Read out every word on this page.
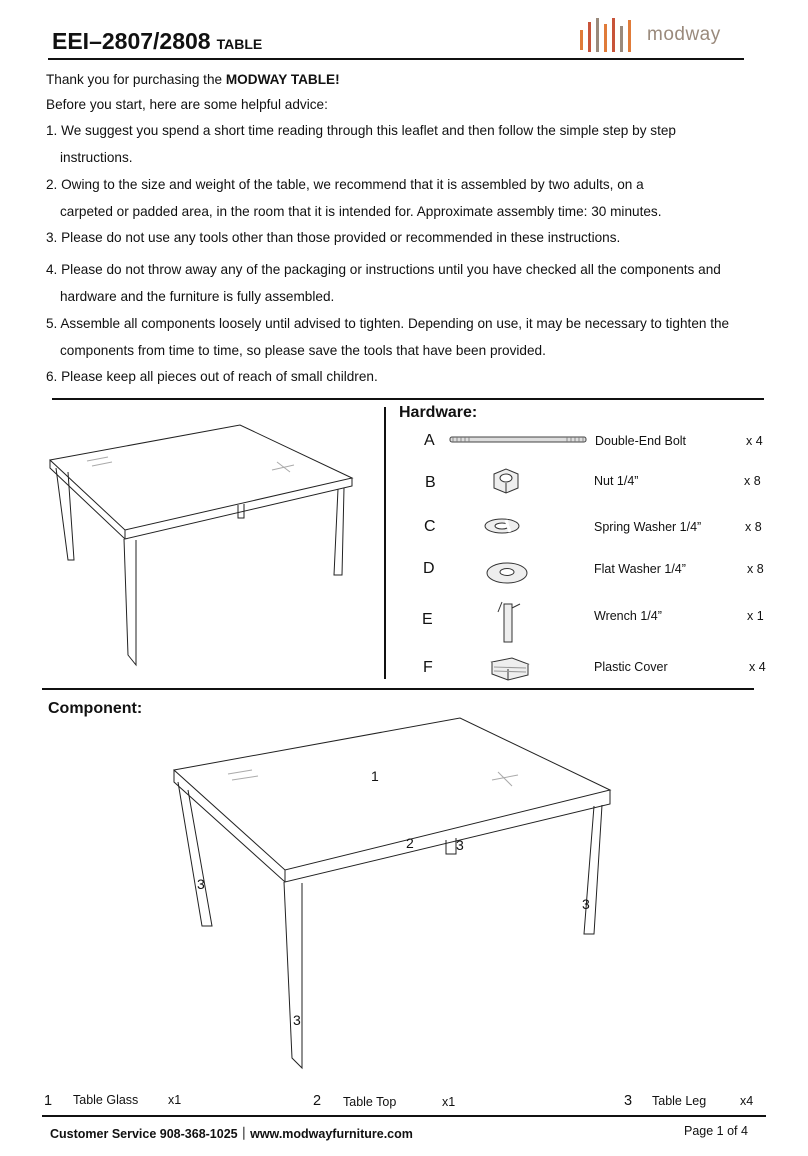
EEI–2807/2808 TABLE	modway
Thank you for purchasing the MODWAY TABLE!
Before you start, here are some helpful advice:
1. We suggest you spend a short time reading through this leaflet and then follow the simple step by step
instructions.
2. Owing to the size and weight of the table, we recommend that it is assembled by two adults, on a
carpeted or padded area, in the room that it is intended for. Approximate assembly time: 30 minutes.
3. Please do not use any tools other than those provided or recommended in these instructions.
4. Please do not throw away any of the packaging or instructions until you have checked all the components and
hardware and the furniture is fully assembled.
5. Assemble all components loosely until advised to tighten. Depending on use, it may be necessary to tighten the
components from time to time, so please save the tools that have been provided.
6. Please keep all pieces out of reach of small children.
Hardware:
A	Double-End Bolt	x 4
B	Nut 1/4”	x 8
C	Spring Washer 1/4”	x 8
D	Flat Washer 1/4”	x 8
E	Wrench 1/4”	x 1
F	Plastic Cover	x 4
Component:
1
2	3
3
3
3
1 Table Glass x1	2 Table Top	x1	3 Table Leg	x4
Customer Service 908-368-1025｜www.modwayfurniture.com	Page 1 of 4
